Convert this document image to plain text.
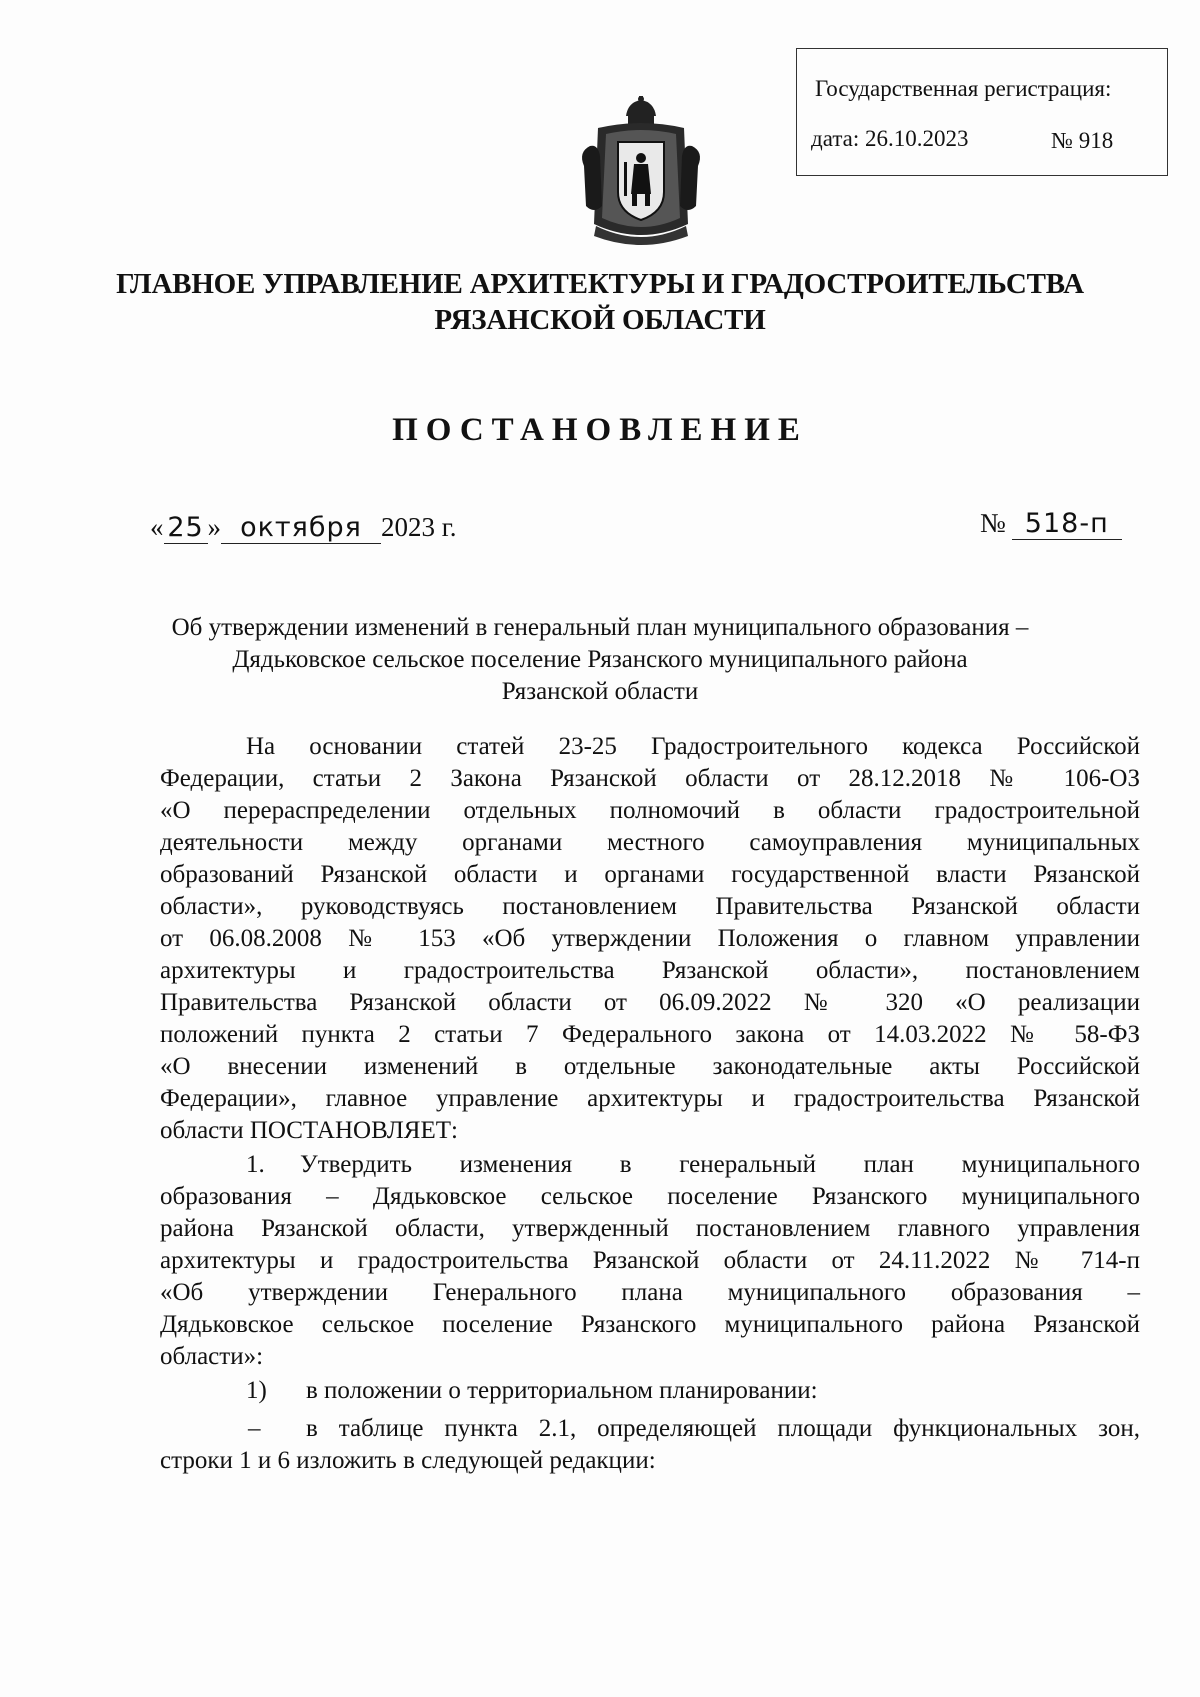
Государственная регистрация:
дата: 26.10.2023	№ 918
ГЛАВНОЕ УПРАВЛЕНИЕ АРХИТЕКТУРЫ И ГРАДОСТРОИТЕЛЬСТВА
РЯЗАНСКОЙ ОБЛАСТИ
ПОСТАНОВЛЕНИЕ
« 25 » октября 2023 г.	№ 518-п
Об утверждении изменений в генеральный план муниципального образования –
Дядьковское сельское поселение Рязанского муниципального района
Рязанской области
На основании статей 23-25 Градостроительного кодекса Российской
Федерации, статьи 2 Закона Рязанской области от 28.12.2018 № 106-ОЗ
«О перераспределении отдельных полномочий в области градостроительной
деятельности между органами местного самоуправления муниципальных
образований Рязанской области и органами государственной власти Рязанской
области», руководствуясь постановлением Правительства Рязанской области
от 06.08.2008 № 153 «Об утверждении Положения о главном управлении
архитектуры и градостроительства Рязанской области», постановлением
Правительства Рязанской области от 06.09.2022 № 320 «О реализации
положений пункта 2 статьи 7 Федерального закона от 14.03.2022 № 58-ФЗ
«О внесении изменений в отдельные законодательные акты Российской
Федерации», главное управление архитектуры и градостроительства Рязанской
области ПОСТАНОВЛЯЕТ:
1. Утвердить изменения в генеральный план муниципального
образования – Дядьковское сельское поселение Рязанского муниципального
района Рязанской области, утвержденный постановлением главного управления
архитектуры и градостроительства Рязанской области от 24.11.2022 № 714-п
«Об утверждении Генерального плана муниципального образования –
Дядьковское сельское поселение Рязанского муниципального района Рязанской
области»:
1) в положении о территориальном планировании:
– в таблице пункта 2.1, определяющей площади функциональных зон,
строки 1 и 6 изложить в следующей редакции:
